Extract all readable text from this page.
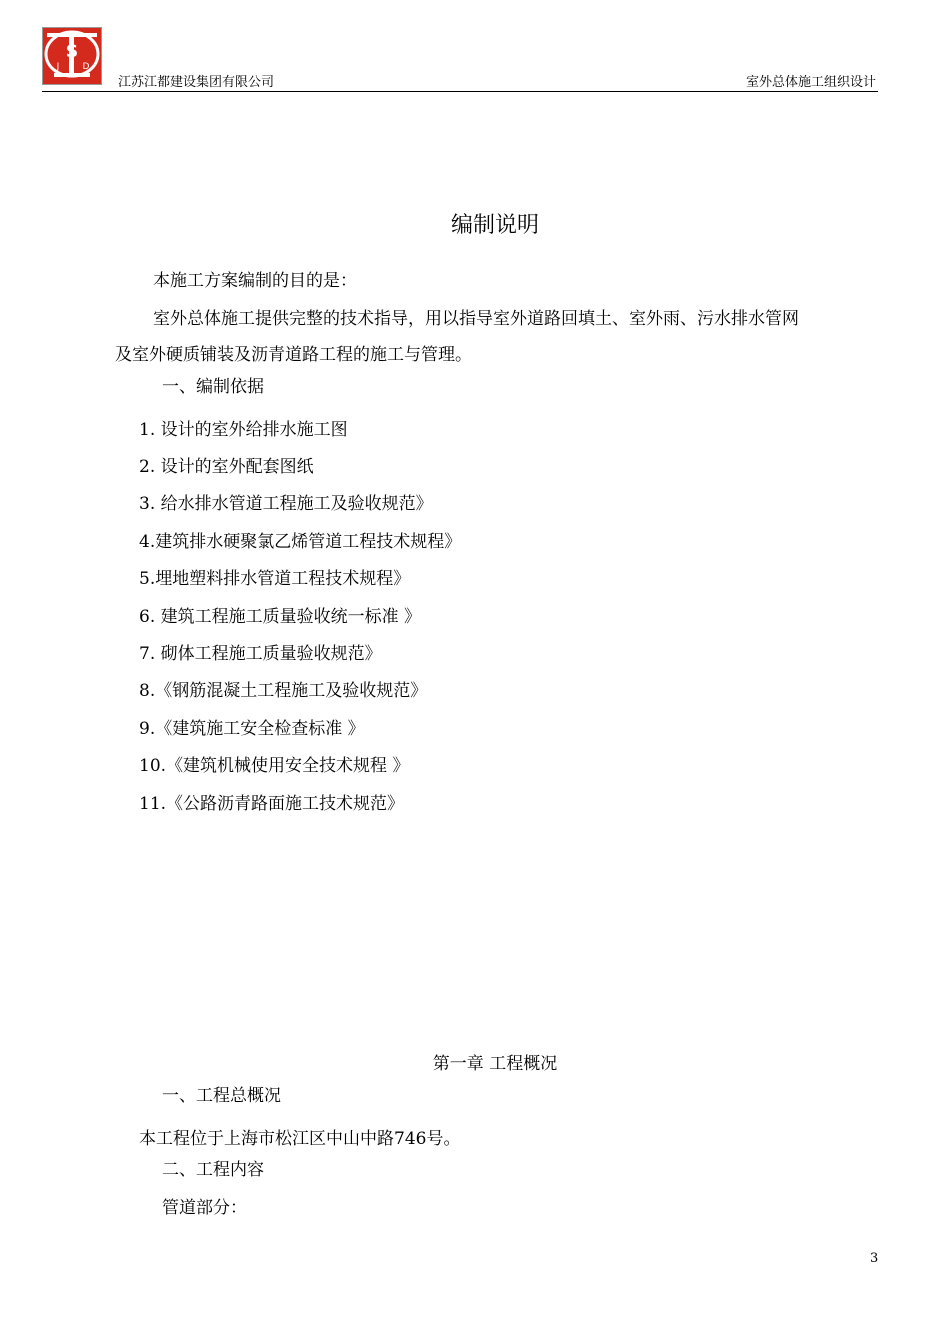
S
J	D
江苏江都建设集团有限公司	室外总体施工组织设计
编制说明
本施工方案编制的目的是：
室外总体施工提供完整的技术指导，用以指导室外道路回填土、室外雨、污水排水管网
及室外硬质铺装及沥青道路工程的施工与管理。
一、编制依据
1. 设计的室外给排水施工图
2. 设计的室外配套图纸
3. 给水排水管道工程施工及验收规范》
4.建筑排水硬聚氯乙烯管道工程技术规程》
5.埋地塑料排水管道工程技术规程》
6. 建筑工程施工质量验收统一标准 》
7. 砌体工程施工质量验收规范》
8.《钢筋混凝土工程施工及验收规范》
9.《建筑施工安全检查标准 》
10.《建筑机械使用安全技术规程 》
11.《公路沥青路面施工技术规范》
第一章 工程概况
一、工程总概况
本工程位于上海市松江区中山中路746号。
二、工程内容
管道部分：
3
